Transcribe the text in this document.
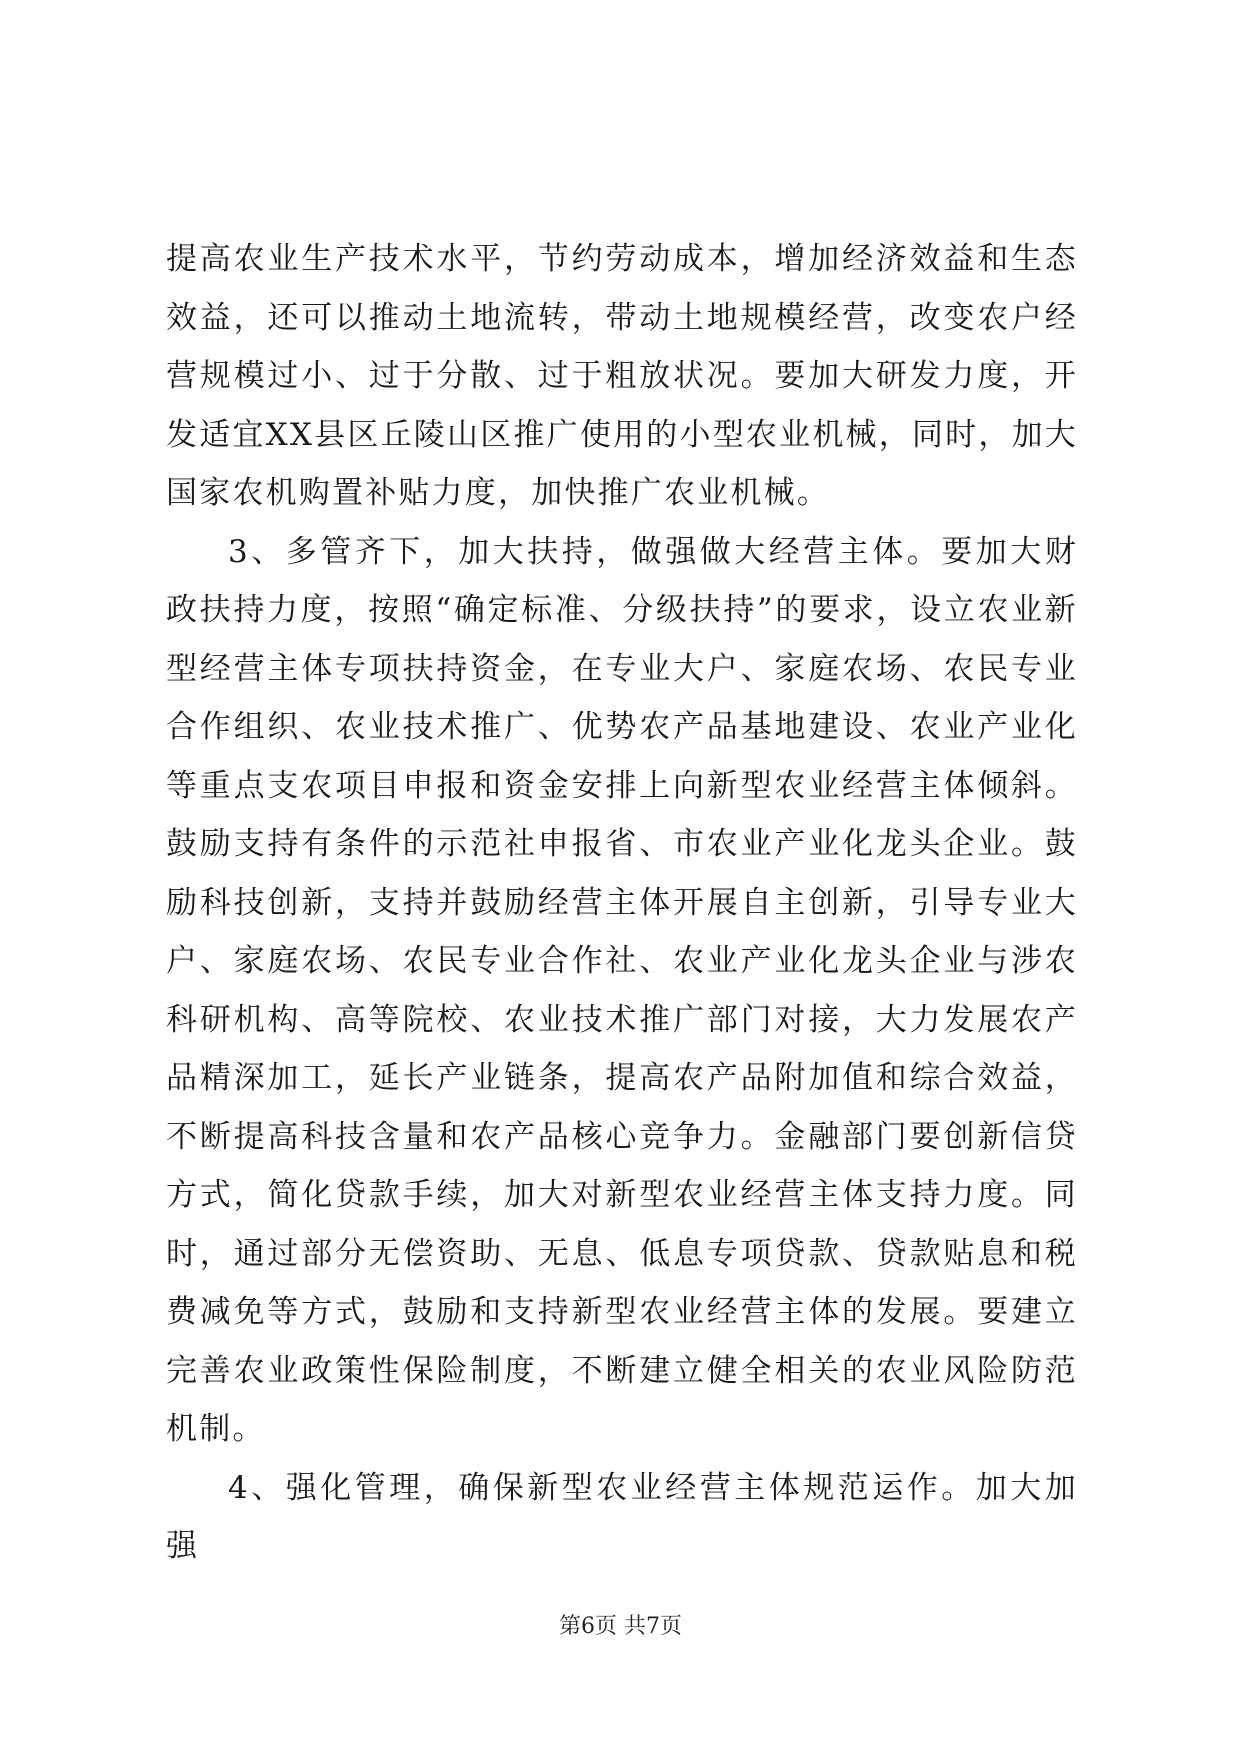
提高农业生产技术水平，节约劳动成本，增加经济效益和生态效益，还可以推动土地流转，带动土地规模经营，改变农户经营规模过小、过于分散、过于粗放状况。要加大研发力度，开发适宜XX县区丘陵山区推广使用的小型农业机械，同时，加大国家农机购置补贴力度，加快推广农业机械。

3、多管齐下，加大扶持，做强做大经营主体。要加大财政扶持力度，按照“确定标准、分级扶持”的要求，设立农业新型经营主体专项扶持资金，在专业大户、家庭农场、农民专业合作组织、农业技术推广、优势农产品基地建设、农业产业化等重点支农项目申报和资金安排上向新型农业经营主体倾斜。鼓励支持有条件的示范社申报省、市农业产业化龙头企业。鼓励科技创新，支持并鼓励经营主体开展自主创新，引导专业大户、家庭农场、农民专业合作社、农业产业化龙头企业与涉农科研机构、高等院校、农业技术推广部门对接，大力发展农产品精深加工，延长产业链条，提高农产品附加值和综合效益，不断提高科技含量和农产品核心竞争力。金融部门要创新信贷方式，简化贷款手续，加大对新型农业经营主体支持力度。同时，通过部分无偿资助、无息、低息专项贷款、贷款贴息和税费减免等方式，鼓励和支持新型农业经营主体的发展。要建立完善农业政策性保险制度，不断建立健全相关的农业风险防范机制。

4、强化管理，确保新型农业经营主体规范运作。加大加强

第6页 共7页
